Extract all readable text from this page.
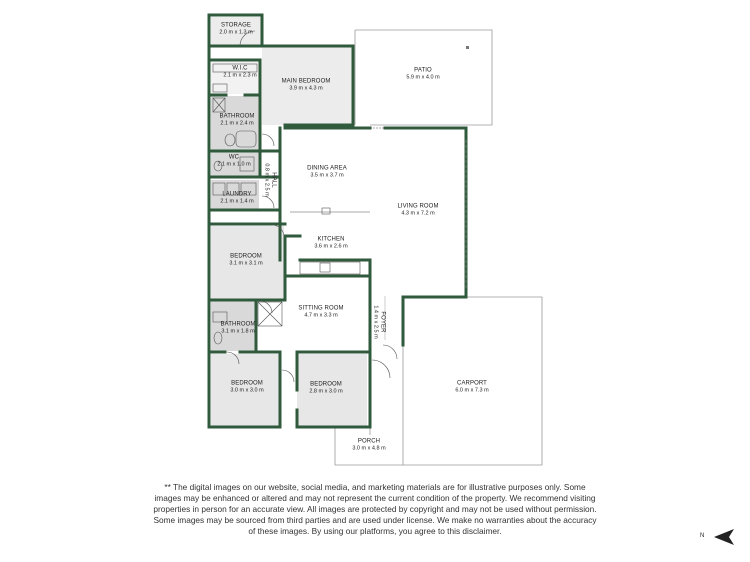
STORAGE
2.0 m x 1.3 m
W.I.C
2.1 m x 2.3 m
MAIN BEDROOM
3.9 m x 4.3 m
PATIO
5.9 m x 4.0 m
BATHROOM
2.1 m x 2.4 m
WC
2.1 m x 1.0 m
DINING AREA
3.5 m x 3.7 m
HALL
0.8 m x 2.5 m
LAUNDRY
2.1 m x 1.4 m
LIVING ROOM
4.3 m x 7.2 m
KITCHEN
3.6 m x 2.6 m
BEDROOM
3.1 m x 3.1 m
SITTING ROOM
4.7 m x 3.3 m	FOYER
1.4 m x 2.5 m
BATHROOM
3.1 m x 1.8 m
BEDROOM
3.0 m x 3.0 m
BEDROOM
2.8 m x 3.0 m
CARPORT
6.0 m x 7.3 m
PORCH
3.0 m x 4.8 m
** The digital images on our website, social media, and marketing materials are for illustrative purposes only. Some images may be enhanced or altered and may not represent the current condition of the property. We recommend visiting properties in person for an accurate view. All images are protected by copyright and may not be used without permission. Some images may be sourced from third parties and are used under license. We make no warranties about the accuracy of these images. By using our platforms, you agree to this disclaimer.	N
